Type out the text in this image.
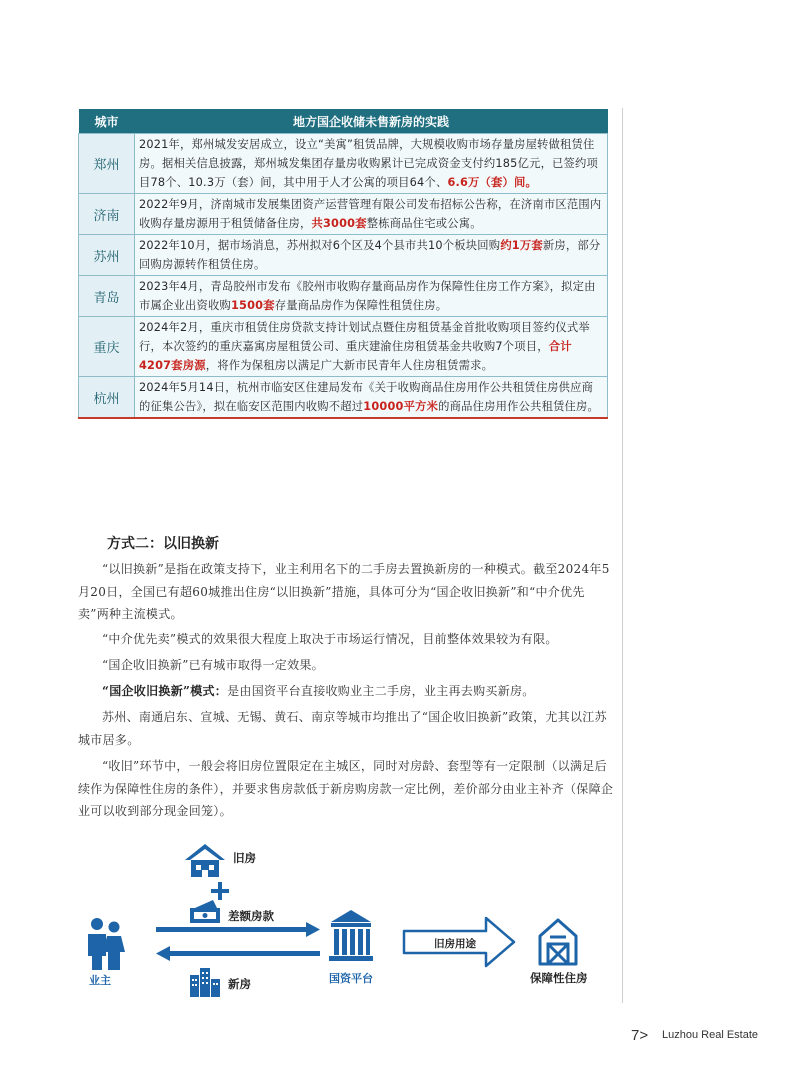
城市	地方国企收储未售新房的实践
郑州	2021年，郑州城发安居成立，设立“美寓”租赁品牌，大规模收购市场存量房屋转做租赁住房。据相关信息披露，郑州城发集团存量房收购累计已完成资金支付约185亿元，已签约项目78个、10.3万（套）间，其中用于人才公寓的项目64个、6.6万（套）间。
济南	2022年9月，济南城市发展集团资产运营管理有限公司发布招标公告称，在济南市区范围内收购存量房源用于租赁储备住房，共3000套整栋商品住宅或公寓。
苏州	2022年10月，据市场消息，苏州拟对6个区及4个县市共10个板块回购约1万套新房，部分回购房源转作租赁住房。
青岛	2023年4月，青岛胶州市发布《胶州市收购存量商品房作为保障性住房工作方案》，拟定由市属企业出资收购1500套存量商品房作为保障性租赁住房。
重庆	2024年2月，重庆市租赁住房贷款支持计划试点暨住房租赁基金首批收购项目签约仪式举行，本次签约的重庆嘉寓房屋租赁公司、重庆建渝住房租赁基金共收购7个项目，合计4207套房源，将作为保租房以满足广大新市民青年人住房租赁需求。
杭州	2024年5月14日，杭州市临安区住建局发布《关于收购商品住房用作公共租赁住房供应商的征集公告》，拟在临安区范围内收购不超过10000平方米的商品住房用作公共租赁住房。
方式二：以旧换新

“以旧换新”是指在政策支持下，业主利用名下的二手房去置换新房的一种模式。截至2024年5月20日，全国已有超60城推出住房“以旧换新”措施，具体可分为“国企收旧换新”和“中介优先卖”两种主流模式。

“中介优先卖”模式的效果很大程度上取决于市场运行情况，目前整体效果较为有限。

“国企收旧换新”已有城市取得一定效果。

“国企收旧换新”模式：是由国资平台直接收购业主二手房，业主再去购买新房。

苏州、南通启东、宣城、无锡、黄石、南京等城市均推出了“国企收旧换新”政策，尤其以江苏城市居多。

“收旧”环节中，一般会将旧房位置限定在主城区，同时对房龄、套型等有一定限制（以满足后续作为保障性住房的条件），并要求售房款低于新房购房款一定比例，差价部分由业主补齐（保障企业可以收到部分现金回笼）。

旧房
差额房款
业主	新房	国资平台
旧房用途
保障性住房
7> Luzhou Real Estate
